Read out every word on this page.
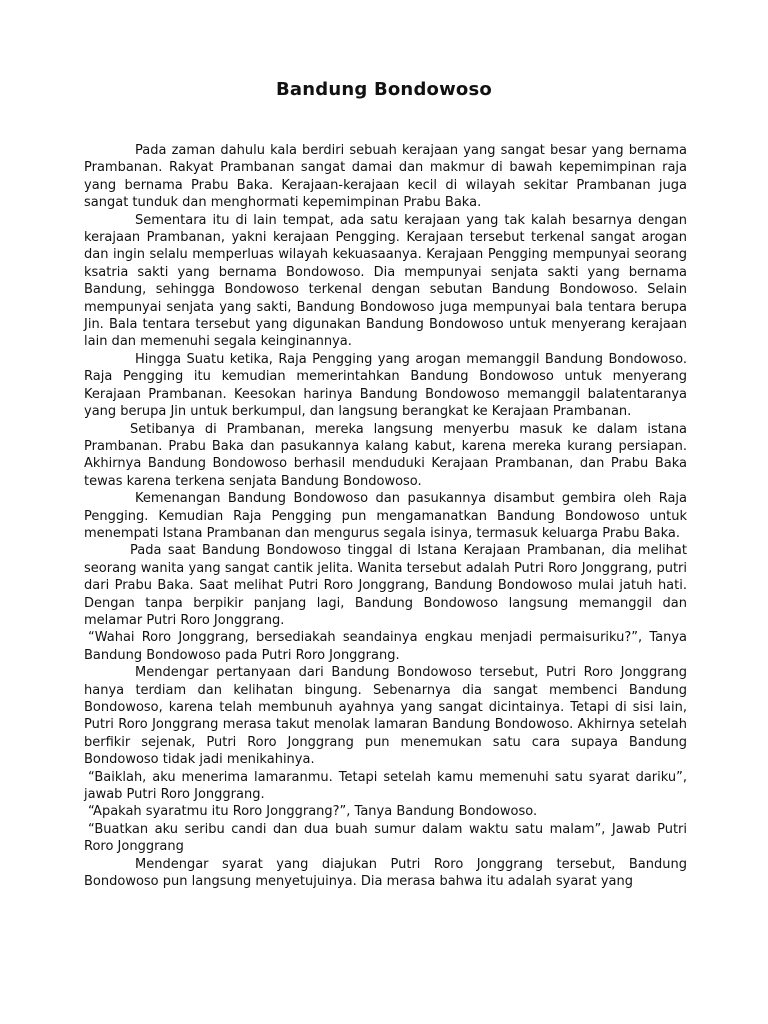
Bandung Bondowoso

Pada zaman dahulu kala berdiri sebuah kerajaan yang sangat besar yang bernama Prambanan. Rakyat Prambanan sangat damai dan makmur di bawah kepemimpinan raja yang bernama Prabu Baka. Kerajaan-kerajaan kecil di wilayah sekitar Prambanan juga sangat tunduk dan menghormati kepemimpinan Prabu Baka.

Sementara itu di lain tempat, ada satu kerajaan yang tak kalah besarnya dengan kerajaan Prambanan, yakni kerajaan Pengging. Kerajaan tersebut terkenal sangat arogan dan ingin selalu memperluas wilayah kekuasaanya. Kerajaan Pengging mempunyai seorang ksatria sakti yang bernama Bondowoso. Dia mempunyai senjata sakti yang bernama Bandung, sehingga Bondowoso terkenal dengan sebutan Bandung Bondowoso. Selain mempunyai senjata yang sakti, Bandung Bondowoso juga mempunyai bala tentara berupa Jin. Bala tentara tersebut yang digunakan Bandung Bondowoso untuk menyerang kerajaan lain dan memenuhi segala keinginannya.

Hingga Suatu ketika, Raja Pengging yang arogan memanggil Bandung Bondowoso. Raja Pengging itu kemudian memerintahkan Bandung Bondowoso untuk menyerang Kerajaan Prambanan. Keesokan harinya Bandung Bondowoso memanggil balatentaranya yang berupa Jin untuk berkumpul, dan langsung berangkat ke Kerajaan Prambanan.

Setibanya di Prambanan, mereka langsung menyerbu masuk ke dalam istana Prambanan. Prabu Baka dan pasukannya kalang kabut, karena mereka kurang persiapan. Akhirnya Bandung Bondowoso berhasil menduduki Kerajaan Prambanan, dan Prabu Baka tewas karena terkena senjata Bandung Bondowoso.

Kemenangan Bandung Bondowoso dan pasukannya disambut gembira oleh Raja Pengging. Kemudian Raja Pengging pun mengamanatkan Bandung Bondowoso untuk menempati Istana Prambanan dan mengurus segala isinya, termasuk keluarga Prabu Baka.

Pada saat Bandung Bondowoso tinggal di Istana Kerajaan Prambanan, dia melihat seorang wanita yang sangat cantik jelita. Wanita tersebut adalah Putri Roro Jonggrang, putri dari Prabu Baka. Saat melihat Putri Roro Jonggrang, Bandung Bondowoso mulai jatuh hati. Dengan tanpa berpikir panjang lagi, Bandung Bondowoso langsung memanggil dan melamar Putri Roro Jonggrang.

“Wahai Roro Jonggrang, bersediakah seandainya engkau menjadi permaisuriku?”, Tanya Bandung Bondowoso pada Putri Roro Jonggrang.

Mendengar pertanyaan dari Bandung Bondowoso tersebut, Putri Roro Jonggrang hanya terdiam dan kelihatan bingung. Sebenarnya dia sangat membenci Bandung Bondowoso, karena telah membunuh ayahnya yang sangat dicintainya. Tetapi di sisi lain, Putri Roro Jonggrang merasa takut menolak lamaran Bandung Bondowoso. Akhirnya setelah berfikir sejenak, Putri Roro Jonggrang pun menemukan satu cara supaya Bandung Bondowoso tidak jadi menikahinya.

“Baiklah, aku menerima lamaranmu. Tetapi setelah kamu memenuhi satu syarat dariku”, jawab Putri Roro Jonggrang.

“Apakah syaratmu itu Roro Jonggrang?”, Tanya Bandung Bondowoso.

“Buatkan aku seribu candi dan dua buah sumur dalam waktu satu malam”, Jawab Putri Roro Jonggrang

Mendengar syarat yang diajukan Putri Roro Jonggrang tersebut, Bandung Bondowoso pun langsung menyetujuinya. Dia merasa bahwa itu adalah syarat yang
